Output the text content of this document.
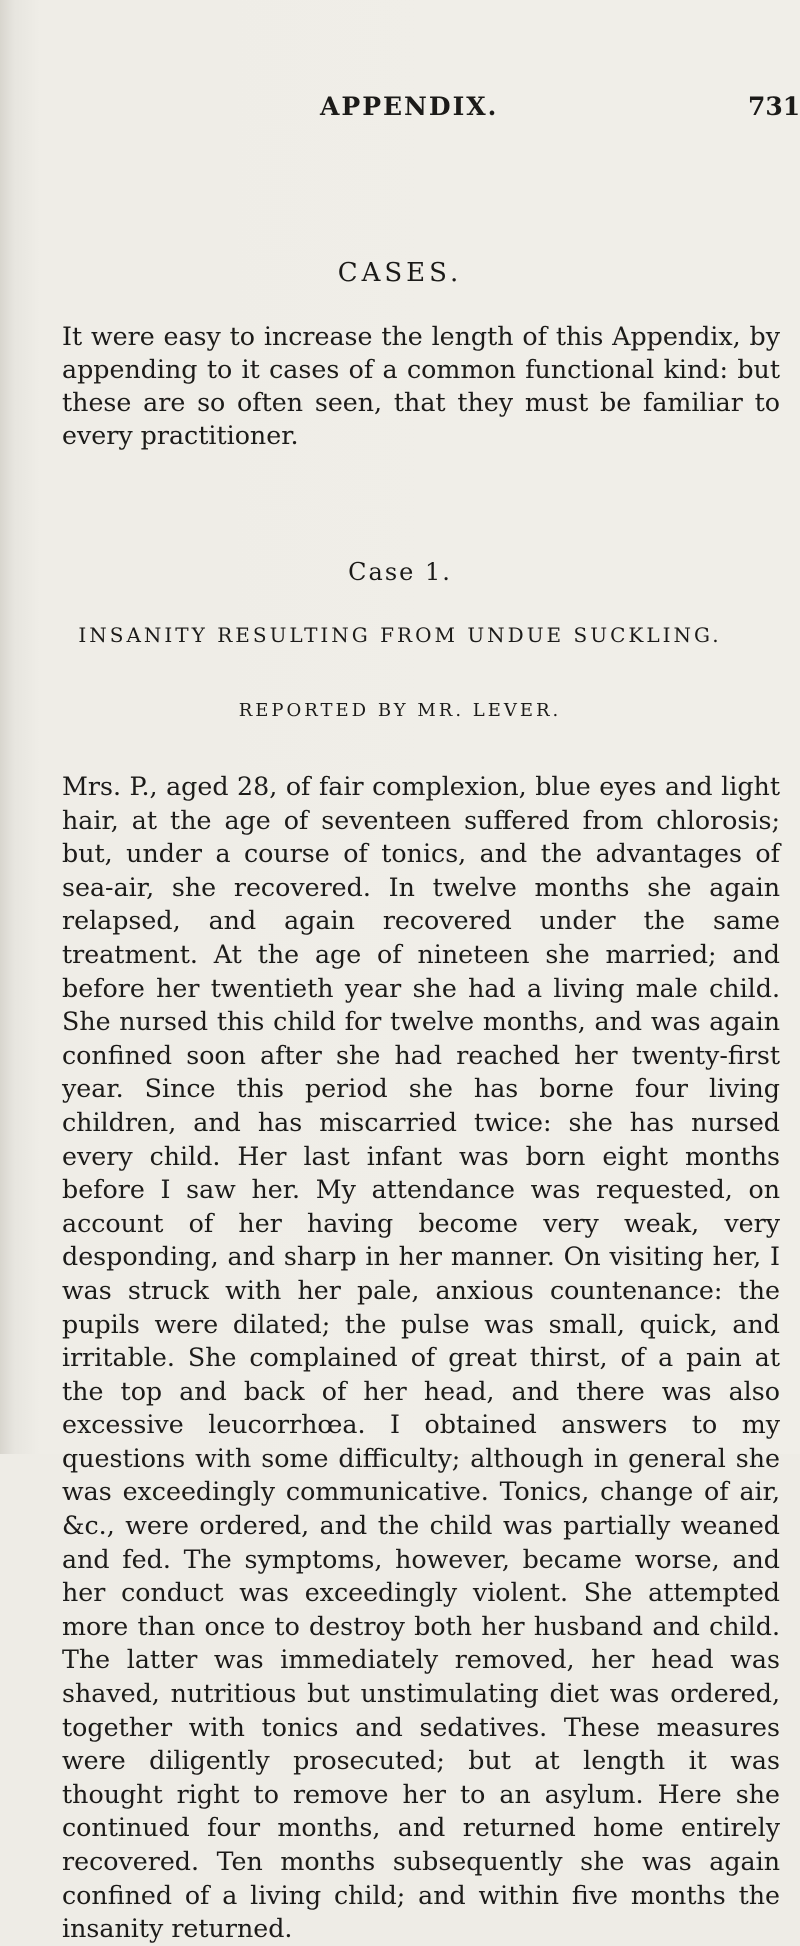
APPENDIX.	731
CASES.

It were easy to increase the length of this Appendix, by appending to it cases of a common functional kind: but these are so often seen, that they must be familiar to every practitioner.

Case 1.
INSANITY RESULTING FROM UNDUE SUCKLING.
REPORTED BY MR. LEVER.

Mrs. P., aged 28, of fair complexion, blue eyes and light hair, at the age of seventeen suffered from chlorosis; but, under a course of tonics, and the advantages of sea-air, she recovered. In twelve months she again relapsed, and again recovered under the same treatment. At the age of nineteen she married; and before her twentieth year she had a living male child. She nursed this child for twelve months, and was again confined soon after she had reached her twenty-first year. Since this period she has borne four living children, and has miscarried twice: she has nursed every child. Her last infant was born eight months before I saw her. My attendance was requested, on account of her having become very weak, very desponding, and sharp in her manner. On visiting her, I was struck with her pale, anxious countenance: the pupils were dilated; the pulse was small, quick, and irritable. She complained of great thirst, of a pain at the top and back of her head, and there was also excessive leucorrhœa. I obtained answers to my questions with some difficulty; although in general she was exceedingly communicative. Tonics, change of air, &c., were ordered, and the child was partially weaned and fed. The symptoms, however, became worse, and her conduct was exceedingly violent. She attempted more than once to destroy both her husband and child. The latter was immediately removed, her head was shaved, nutritious but unstimulating diet was ordered, together with tonics and sedatives. These measures were diligently prosecuted; but at length it was thought right to remove her to an asylum. Here she continued four months, and returned home entirely recovered. Ten months subsequently she was again confined of a living child; and within five months the insanity returned.
